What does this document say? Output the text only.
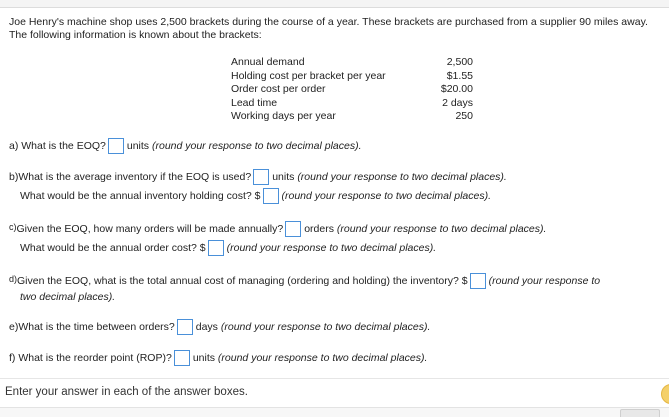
Joe Henry's machine shop uses 2,500 brackets during the course of a year. These brackets are purchased from a supplier 90 miles away. The following information is known about the brackets:
Annual demand	2,500
Holding cost per bracket per year	$1.55
Order cost per order	$20.00
Lead time	2 days
Working days per year	250
a) What is the EOQ? units (round your response to two decimal places).
b)What is the average inventory if the EOQ is used? units (round your response to two decimal places).
What would be the annual inventory holding cost? $ (round your response to two decimal places).
c)Given the EOQ, how many orders will be made annually? orders (round your response to two decimal places).
What would be the annual order cost? $ (round your response to two decimal places).
d)Given the EOQ, what is the total annual cost of managing (ordering and holding) the inventory? $ (round your response to
two decimal places).
e)What is the time between orders? days (round your response to two decimal places).
f) What is the reorder point (ROP)? units (round your response to two decimal places).
Enter your answer in each of the answer boxes.
